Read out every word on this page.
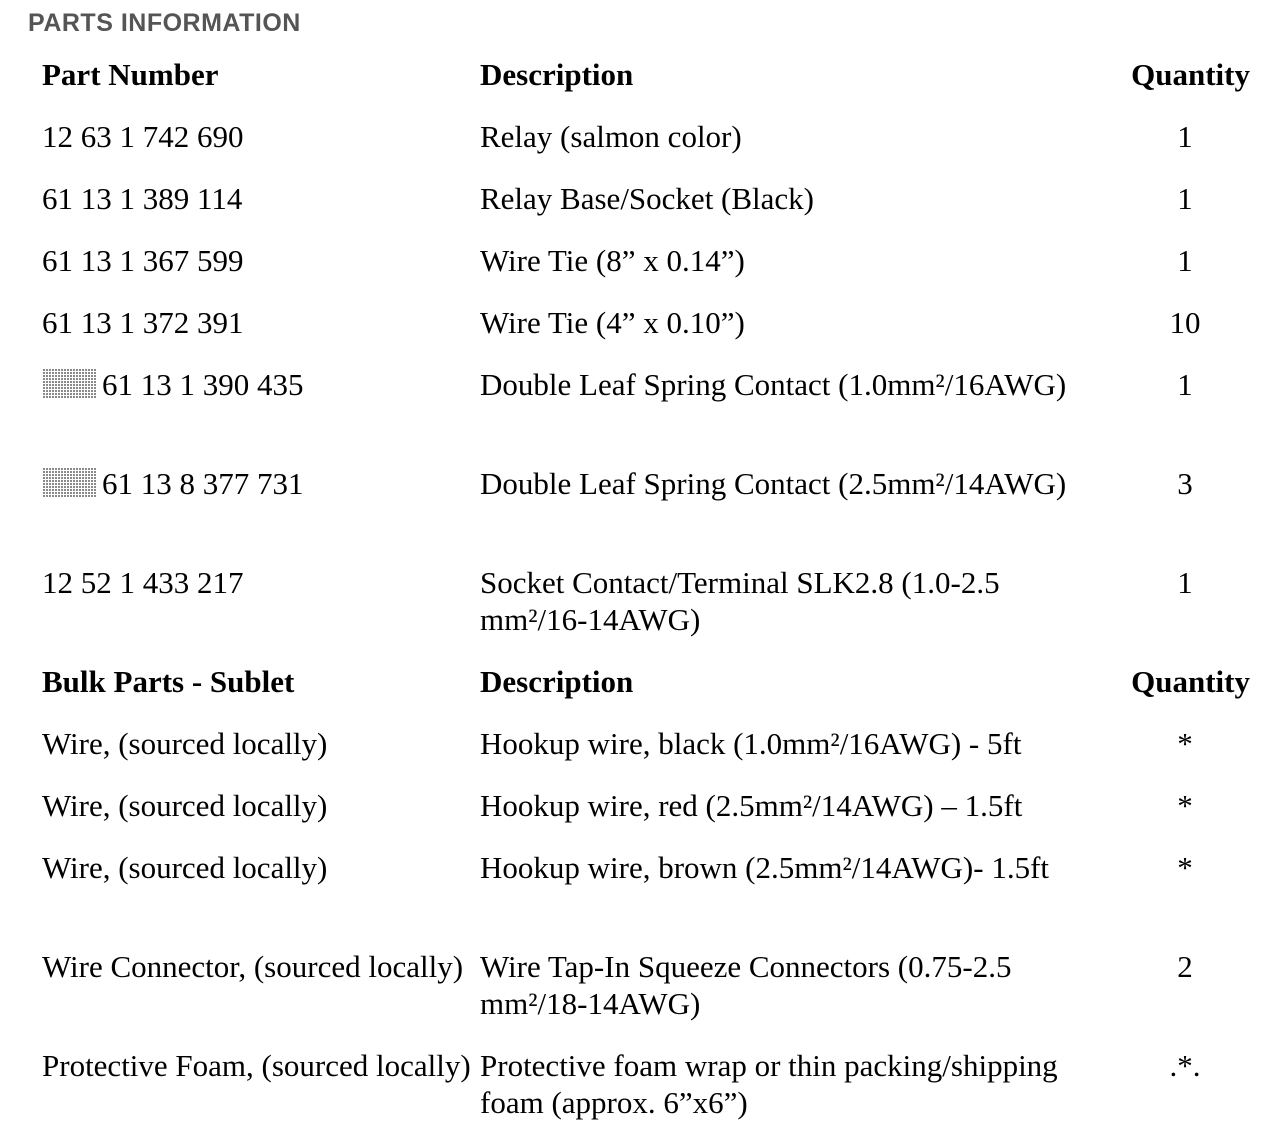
PARTS INFORMATION
Part Number	Description	Quantity
12 63 1 742 690	Relay (salmon color)	1
61 13 1 389 114	Relay Base/Socket (Black)	1
61 13 1 367 599	Wire Tie (8” x 0.14”)	1
61 13 1 372 391	Wire Tie (4” x 0.10”)	10
61 13 1 390 435	Double Leaf Spring Contact (1.0mm²/16AWG)	1
61 13 8 377 731	Double Leaf Spring Contact (2.5mm²/14AWG)	3
12 52 1 433 217	Socket Contact/Terminal SLK2.8 (1.0-2.5 mm²/16-14AWG)	1
Bulk Parts - Sublet	Description	Quantity
Wire, (sourced locally)	Hookup wire, black (1.0mm²/16AWG) - 5ft	*
Wire, (sourced locally)	Hookup wire, red (2.5mm²/14AWG) – 1.5ft	*
Wire, (sourced locally)	Hookup wire, brown (2.5mm²/14AWG)- 1.5ft	*
Wire Connector, (sourced locally)	Wire Tap-In Squeeze Connectors (0.75-2.5 mm²/18-14AWG)	2
Protective Foam, (sourced locally)	Protective foam wrap or thin packing/shipping foam (approx. 6”x6”)	.*.
